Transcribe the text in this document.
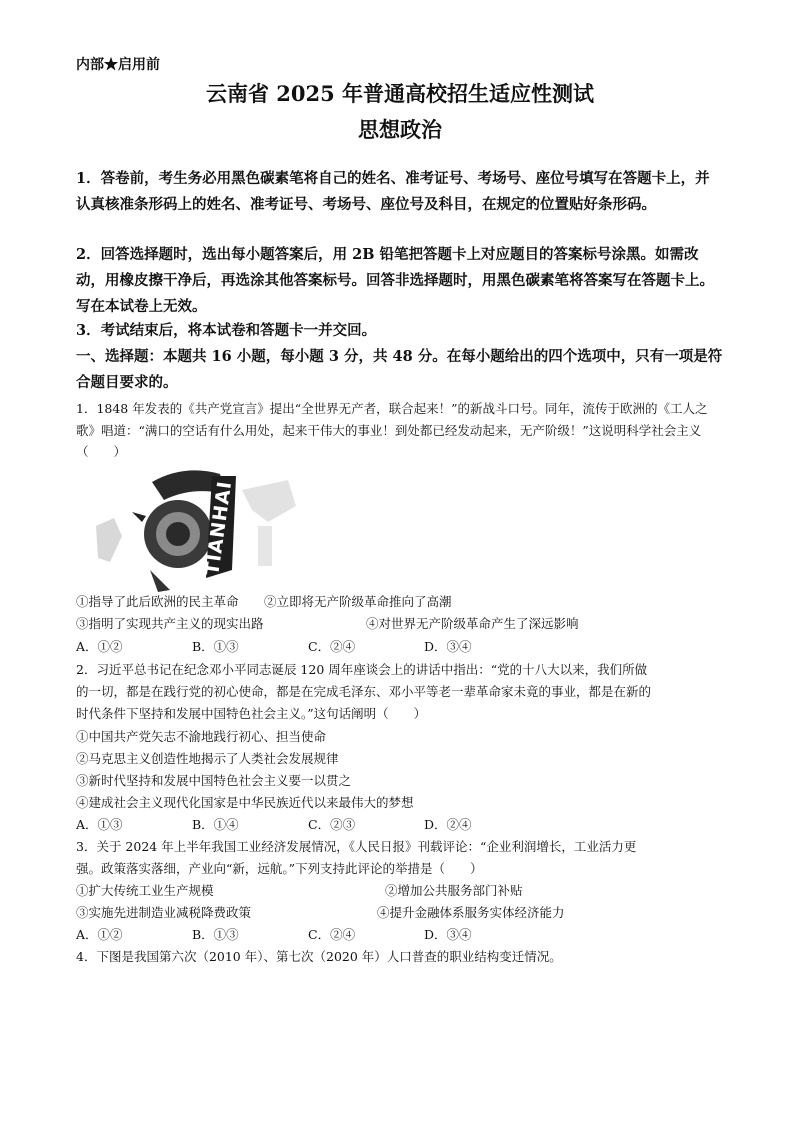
内部★启用前
云南省 2025 年普通高校招生适应性测试
思想政治
1．答卷前，考生务必用黑色碳素笔将自己的姓名、准考证号、考场号、座位号填写在答题卡上，并认真核准条形码上的姓名、准考证号、考场号、座位号及科目，在规定的位置贴好条形码。
2．回答选择题时，选出每小题答案后，用 2B 铅笔把答题卡上对应题目的答案标号涂黑。如需改动，用橡皮擦干净后，再选涂其他答案标号。回答非选择题时，用黑色碳素笔将答案写在答题卡上。写在本试卷上无效。
3．考试结束后，将本试卷和答题卡一并交回。
一、选择题：本题共 16 小题，每小题 3 分，共 48 分。在每小题给出的四个选项中，只有一项是符合题目要求的。
1．1848 年发表的《共产党宣言》提出“全世界无产者，联合起来！”的新战斗口号。同年，流传于欧洲的《工人之歌》唱道：“满口的空话有什么用处，起来干伟大的事业！到处都已经发动起来，无产阶级！”这说明科学社会主义（　　）
TIANHAI
①指导了此后欧洲的民主革命 ②立即将无产阶级革命推向了高潮
③指明了实现共产主义的现实出路	④对世界无产阶级革命产生了深远影响
A．①②	B．①③	C．②④	D．③④
2．习近平总书记在纪念邓小平同志诞辰 120 周年座谈会上的讲话中指出：“党的十八大以来，我们所做
的一切，都是在践行党的初心使命，都是在完成毛泽东、邓小平等老一辈革命家未竟的事业，都是在新的
时代条件下坚持和发展中国特色社会主义。”这句话阐明（　　）
①中国共产党矢志不渝地践行初心、担当使命
②马克思主义创造性地揭示了人类社会发展规律
③新时代坚持和发展中国特色社会主义要一以贯之
④建成社会主义现代化国家是中华民族近代以来最伟大的梦想
A．①③	B．①④	C．②③	D．②④
3．关于 2024 年上半年我国工业经济发展情况，《人民日报》刊载评论：“企业利润增长，工业活力更
强。政策落实落细，产业向“新，远航。”下列支持此评论的举措是（　　）
①扩大传统工业生产规模	②增加公共服务部门补贴
③实施先进制造业减税降费政策	④提升金融体系服务实体经济能力
A．①②	B．①③	C．②④	D．③④
4．下图是我国第六次（2010 年）、第七次（2020 年）人口普查的职业结构变迁情况。
